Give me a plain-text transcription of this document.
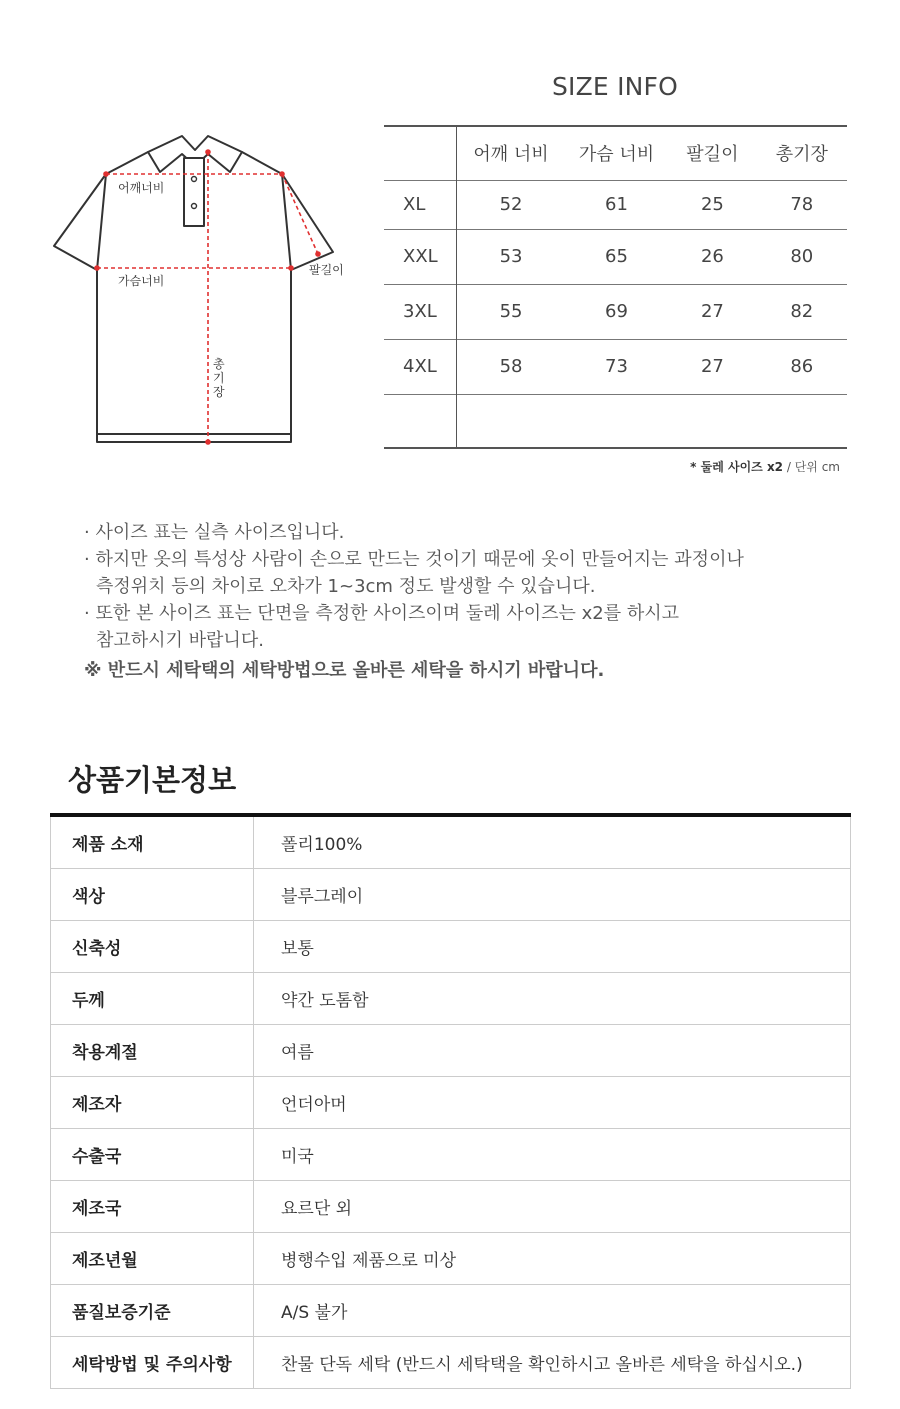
어깨너비
가슴너비
팔길이
총
기
장
SIZE INFO
	어깨 너비	가슴 너비	팔길이	총기장
XL	52	61	25	78
XXL	53	65	26	80
3XL	55	69	27	82
4XL	58	73	27	86

* 둘레 사이즈 x2 / 단위 cm

· 사이즈 표는 실측 사이즈입니다.

· 하지만 옷의 특성상 사람이 손으로 만드는 것이기 때문에 옷이 만들어지는 과정이나

측정위치 등의 차이로 오차가 1~3cm 정도 발생할 수 있습니다.

· 또한 본 사이즈 표는 단면을 측정한 사이즈이며 둘레 사이즈는 x2를 하시고

참고하시기 바랍니다.

※ 반드시 세탁택의 세탁방법으로 올바른 세탁을 하시기 바랍니다.

상품기본정보
제품 소재	폴리100%
색상	블루그레이
신축성	보통
두께	약간 도톰함
착용계절	여름
제조자	언더아머
수출국	미국
제조국	요르단 외
제조년월	병행수입 제품으로 미상
품질보증기준	A/S 불가
세탁방법 및 주의사항	찬물 단독 세탁 (반드시 세탁택을 확인하시고 올바른 세탁을 하십시오.)
